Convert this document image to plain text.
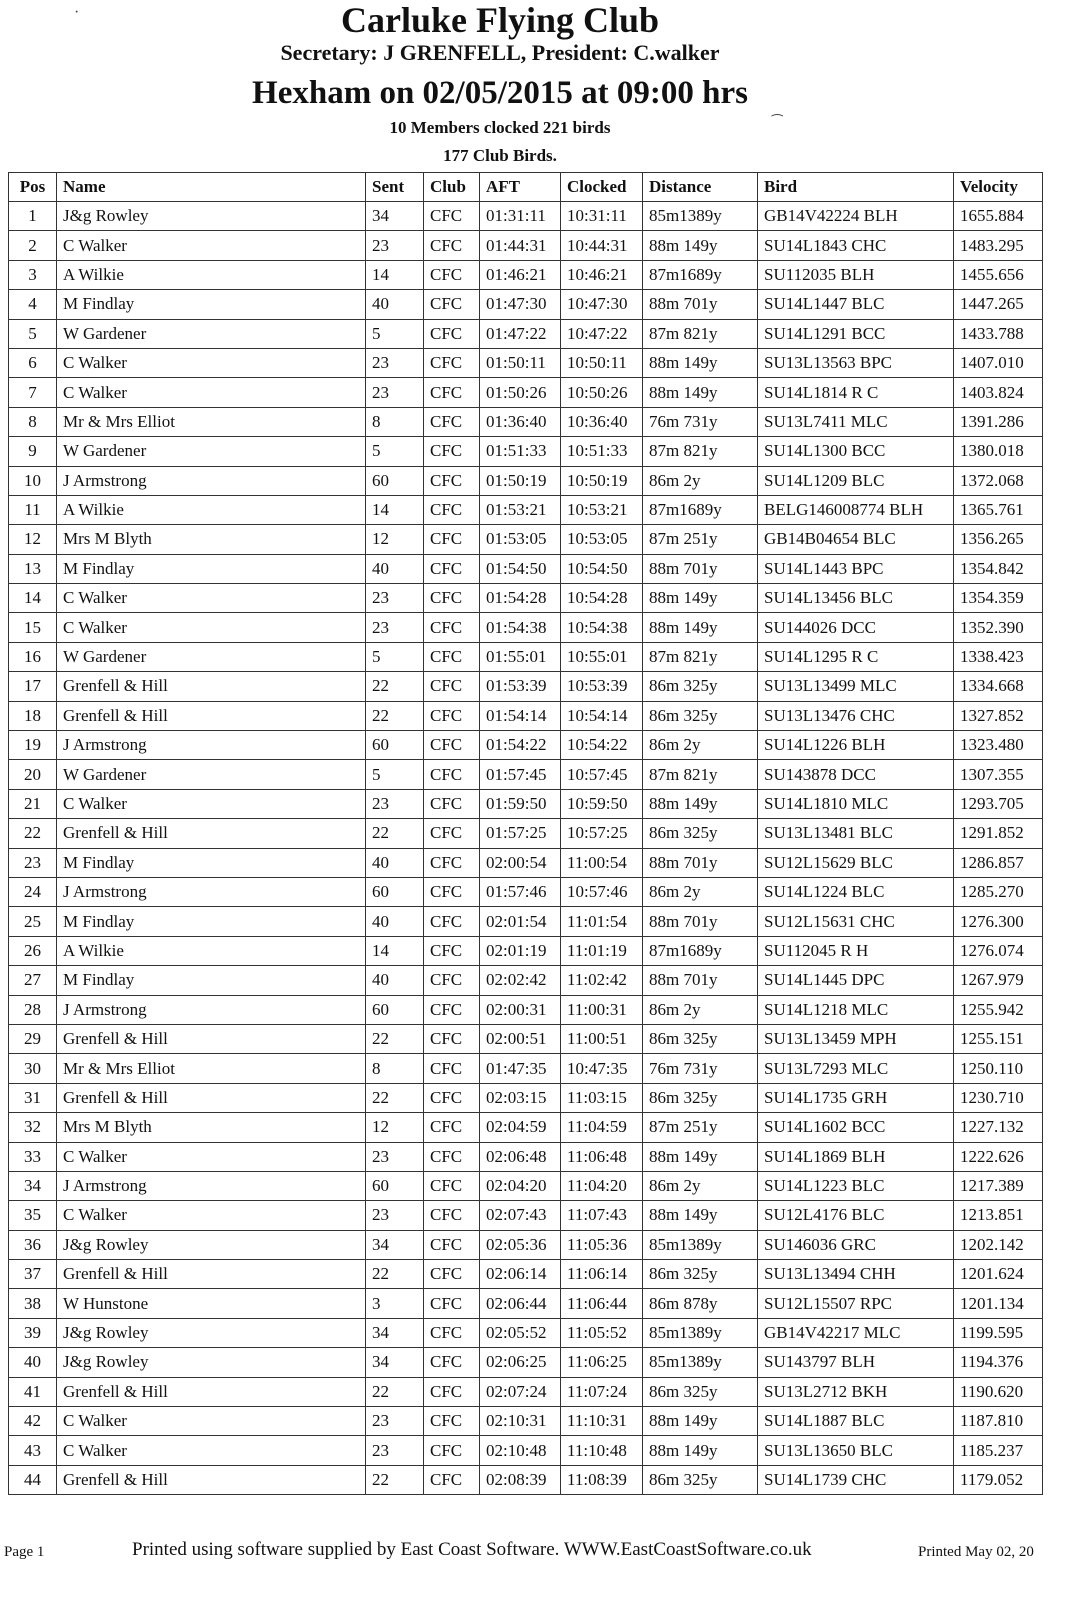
Carluke Flying Club
Secretary: J GRENFELL, President: C.walker
Hexham on 02/05/2015 at 09:00 hrs
10 Members clocked 221 birds
177 Club Birds.
·
⁀
Pos	Name	Sent	Club	AFT	Clocked	Distance	Bird	Velocity
1	J&g Rowley	34	CFC	01:31:11	10:31:11	85m1389y	GB14V42224 BLH	1655.884
2	C Walker	23	CFC	01:44:31	10:44:31	88m 149y	SU14L1843 CHC	1483.295
3	A Wilkie	14	CFC	01:46:21	10:46:21	87m1689y	SU112035 BLH	1455.656
4	M Findlay	40	CFC	01:47:30	10:47:30	88m 701y	SU14L1447 BLC	1447.265
5	W Gardener	5	CFC	01:47:22	10:47:22	87m 821y	SU14L1291 BCC	1433.788
6	C Walker	23	CFC	01:50:11	10:50:11	88m 149y	SU13L13563 BPC	1407.010
7	C Walker	23	CFC	01:50:26	10:50:26	88m 149y	SU14L1814 R C	1403.824
8	Mr & Mrs Elliot	8	CFC	01:36:40	10:36:40	76m 731y	SU13L7411 MLC	1391.286
9	W Gardener	5	CFC	01:51:33	10:51:33	87m 821y	SU14L1300 BCC	1380.018
10	J Armstrong	60	CFC	01:50:19	10:50:19	86m 2y	SU14L1209 BLC	1372.068
11	A Wilkie	14	CFC	01:53:21	10:53:21	87m1689y	BELG146008774 BLH	1365.761
12	Mrs M Blyth	12	CFC	01:53:05	10:53:05	87m 251y	GB14B04654 BLC	1356.265
13	M Findlay	40	CFC	01:54:50	10:54:50	88m 701y	SU14L1443 BPC	1354.842
14	C Walker	23	CFC	01:54:28	10:54:28	88m 149y	SU14L13456 BLC	1354.359
15	C Walker	23	CFC	01:54:38	10:54:38	88m 149y	SU144026 DCC	1352.390
16	W Gardener	5	CFC	01:55:01	10:55:01	87m 821y	SU14L1295 R C	1338.423
17	Grenfell & Hill	22	CFC	01:53:39	10:53:39	86m 325y	SU13L13499 MLC	1334.668
18	Grenfell & Hill	22	CFC	01:54:14	10:54:14	86m 325y	SU13L13476 CHC	1327.852
19	J Armstrong	60	CFC	01:54:22	10:54:22	86m 2y	SU14L1226 BLH	1323.480
20	W Gardener	5	CFC	01:57:45	10:57:45	87m 821y	SU143878 DCC	1307.355
21	C Walker	23	CFC	01:59:50	10:59:50	88m 149y	SU14L1810 MLC	1293.705
22	Grenfell & Hill	22	CFC	01:57:25	10:57:25	86m 325y	SU13L13481 BLC	1291.852
23	M Findlay	40	CFC	02:00:54	11:00:54	88m 701y	SU12L15629 BLC	1286.857
24	J Armstrong	60	CFC	01:57:46	10:57:46	86m 2y	SU14L1224 BLC	1285.270
25	M Findlay	40	CFC	02:01:54	11:01:54	88m 701y	SU12L15631 CHC	1276.300
26	A Wilkie	14	CFC	02:01:19	11:01:19	87m1689y	SU112045 R H	1276.074
27	M Findlay	40	CFC	02:02:42	11:02:42	88m 701y	SU14L1445 DPC	1267.979
28	J Armstrong	60	CFC	02:00:31	11:00:31	86m 2y	SU14L1218 MLC	1255.942
29	Grenfell & Hill	22	CFC	02:00:51	11:00:51	86m 325y	SU13L13459 MPH	1255.151
30	Mr & Mrs Elliot	8	CFC	01:47:35	10:47:35	76m 731y	SU13L7293 MLC	1250.110
31	Grenfell & Hill	22	CFC	02:03:15	11:03:15	86m 325y	SU14L1735 GRH	1230.710
32	Mrs M Blyth	12	CFC	02:04:59	11:04:59	87m 251y	SU14L1602 BCC	1227.132
33	C Walker	23	CFC	02:06:48	11:06:48	88m 149y	SU14L1869 BLH	1222.626
34	J Armstrong	60	CFC	02:04:20	11:04:20	86m 2y	SU14L1223 BLC	1217.389
35	C Walker	23	CFC	02:07:43	11:07:43	88m 149y	SU12L4176 BLC	1213.851
36	J&g Rowley	34	CFC	02:05:36	11:05:36	85m1389y	SU146036 GRC	1202.142
37	Grenfell & Hill	22	CFC	02:06:14	11:06:14	86m 325y	SU13L13494 CHH	1201.624
38	W Hunstone	3	CFC	02:06:44	11:06:44	86m 878y	SU12L15507 RPC	1201.134
39	J&g Rowley	34	CFC	02:05:52	11:05:52	85m1389y	GB14V42217 MLC	1199.595
40	J&g Rowley	34	CFC	02:06:25	11:06:25	85m1389y	SU143797 BLH	1194.376
41	Grenfell & Hill	22	CFC	02:07:24	11:07:24	86m 325y	SU13L2712 BKH	1190.620
42	C Walker	23	CFC	02:10:31	11:10:31	88m 149y	SU14L1887 BLC	1187.810
43	C Walker	23	CFC	02:10:48	11:10:48	88m 149y	SU13L13650 BLC	1185.237
44	Grenfell & Hill	22	CFC	02:08:39	11:08:39	86m 325y	SU14L1739 CHC	1179.052
Page 1	Printed using software supplied by East Coast Software. WWW.EastCoastSoftware.co.uk	Printed May 02, 20
